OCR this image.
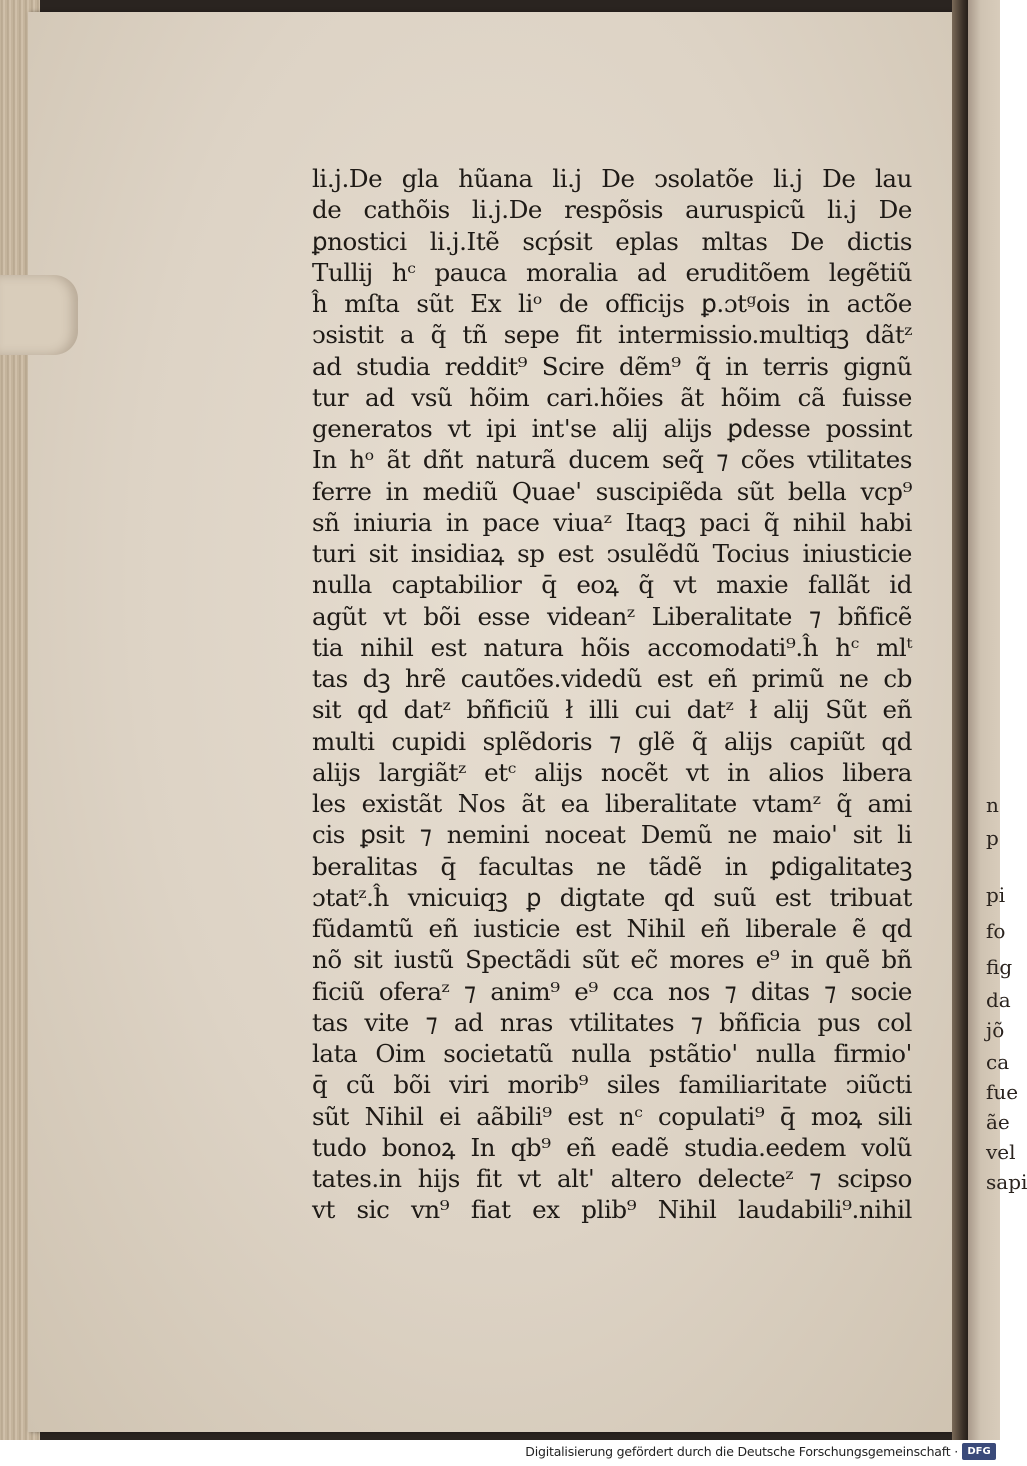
n
p
pi
fo
fig
da
jõ
ca
fue
ãe
vel
sapi
li.j.De gla hũana li.j De ↄsolatõe li.j De lau
de cathõis li.j.De respõsis auruspicũ li.j De
ꝑnostici li.j.Itẽ scṕsit eplas mltas De dictis
Tullij hᶜ pauca moralia ad eruditõem legẽtiũ
ĥ mſta sũt Ex liᵒ de officijs ꝑ.ɔtᵍois in actõe
ↄsistit a q̃ tñ sepe fit intermissio.multiqꝫ dãtᶻ
ad studia reddit⁹ Scire dẽm⁹ q̃ in terris gignũ
tur ad vsũ hõim cari.hõies ãt hõim cã fuisse
generatos vt ipi int'se alij alijs ꝑdesse possint
In hᵒ ãt dñt naturã ducem seq̃ ⁊ cões vtilitates
ferre in mediũ Quae' suscipiẽda sũt bella vcp⁹
sñ iniuria in pace viuaᶻ Itaqꝫ paci q̃ nihil habi
turi sit insidiaꝝ sp est ↄsulẽdũ Tocius iniusticie
nulla captabilior q̄ eoꝝ q̃ vt maxie fallãt id
agũt vt bõi esse videanᶻ Liberalitate ⁊ bñficẽ
tia nihil est natura hõis accomodati⁹.ĥ hᶜ mlᵗ
tas dꝫ hrẽ cautões.videdũ est eñ primũ ne cb
sit qd datᶻ bñficiũ ł illi cui datᶻ ł alij Sũt eñ
multi cupidi splẽdoris ⁊ glẽ q̃ alijs capiũt qd
alijs largiãtᶻ etᶜ alijs nocẽt vt in alios libera
les existãt Nos ãt ea liberalitate vtamᶻ q̃ ami
cis ꝑsit ⁊ nemini noceat Demũ ne maio' sit li
beralitas q̄ facultas ne tãdẽ in ꝑdigalitateꝫ
ɔtatᶻ.ĥ vnicuiqꝫ ꝑ digtate qd suũ est tribuat
fũdamtũ eñ iusticie est Nihil eñ liberale ẽ qd
nõ sit iustũ Spectãdi sũt ec̃ mores e⁹ in quẽ bñ
ficiũ oferaᶻ ⁊ anim⁹ e⁹ cca nos ⁊ ditas ⁊ socie
tas vite ⁊ ad nras vtilitates ⁊ bñficia pus col
lata Oim societatũ nulla pstãtio' nulla firmio'
q̄ cũ bõi viri morib⁹ siles familiaritate ↄiũcti
sũt Nihil ei aãbili⁹ est nᶜ copulati⁹ q̄ moꝝ sili
tudo bonoꝝ In qb⁹ eñ eadẽ studia.eedem volũ
tates.in hijs fit vt alt' altero delecteᶻ ⁊ scipso
vt sic vn⁹ fiat ex plib⁹ Nihil laudabili⁹.nihil
Digitalisierung gefördert durch die Deutsche Forschungsgemeinschaft · DFG
